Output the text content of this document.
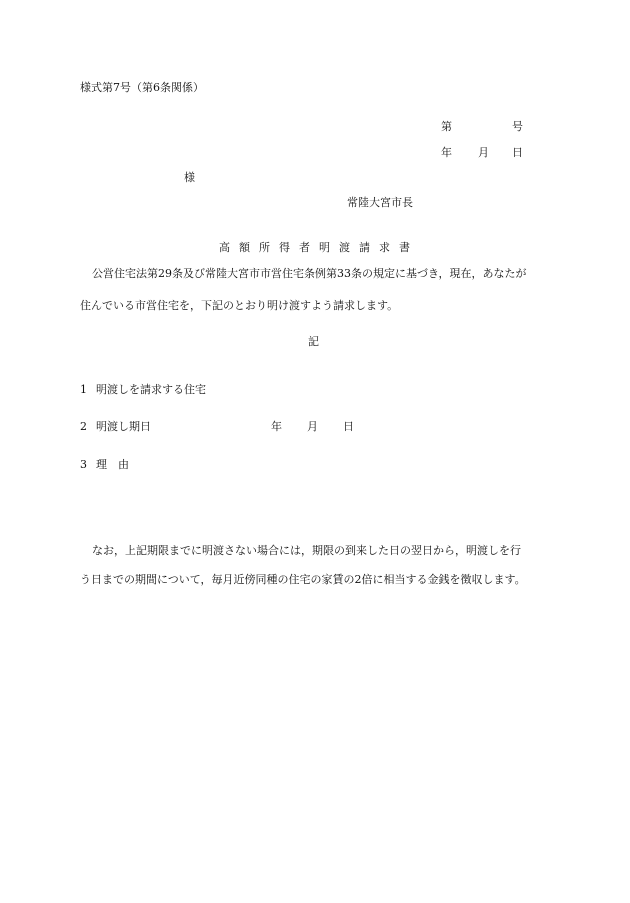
様式第7号（第6条関係）
第	号
年 月 日
様
常陸大宮市長
高 額 所 得 者 明 渡 請 求 書
公営住宅法第29条及び常陸大宮市市営住宅条例第33条の規定に基づき，現在，あなたが
住んでいる市営住宅を，下記のとおり明け渡すよう請求します。
記
1 明渡しを請求する住宅
2 明渡し期日	年 月 日
3 理　由
なお，上記期限までに明渡さない場合には，期限の到来した日の翌日から，明渡しを行
う日までの期間について，毎月近傍同種の住宅の家賃の2倍に相当する金銭を徴収します。
